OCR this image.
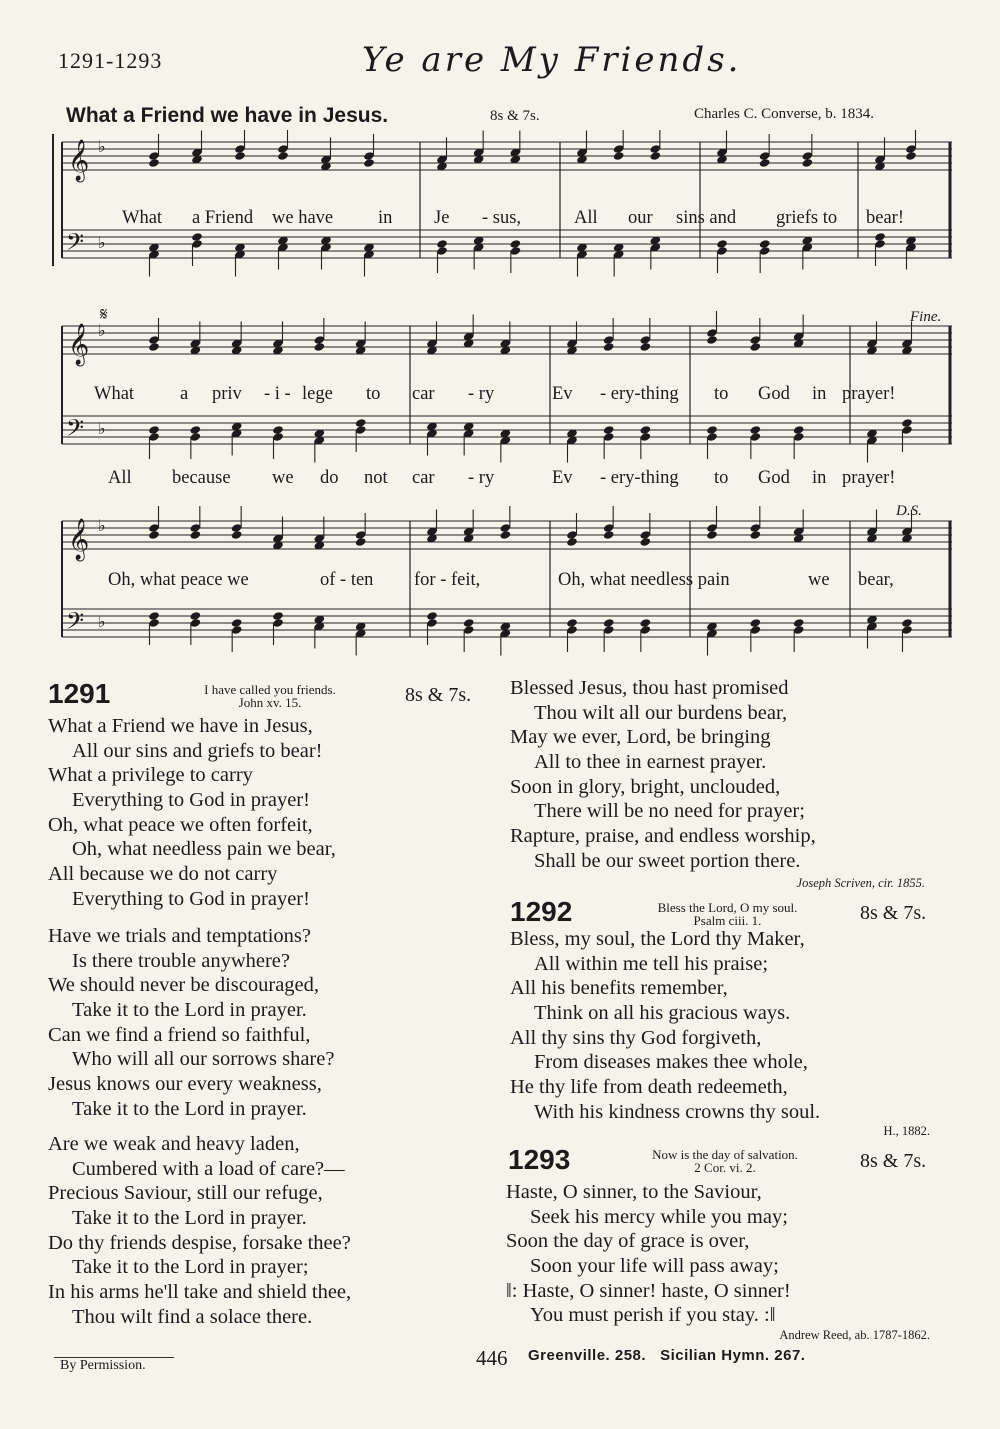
1291-1293	Ye are My Friends.
What a Friend we have in Jesus.	8s & 7s.	Charles C. Converse, b. 1834.
𝄞
𝄢
♭
♭
𝄞
𝄢
♭
♭
𝄞
𝄢
♭
♭
𝄋	Fine.
D.S.
What a Friend we have in Je - sus,	All our sins and griefs to bear!
What a priv - i - lege to car - ry	Ev - ery-thing to God in prayer!
All because we do not car - ry	Ev - ery-thing to God in prayer!
Oh, what peace we	of - ten for - feit,	Oh, what needless pain	we bear,
1291	I have called you friends.
John xv. 15.	8s & 7s.
What a Friend we have in Jesus,
All our sins and griefs to bear!
What a privilege to carry
Everything to God in prayer!
Oh, what peace we often forfeit,
Oh, what needless pain we bear,
All because we do not carry
Everything to God in prayer!
Have we trials and temptations?
Is there trouble anywhere?
We should never be discouraged,
Take it to the Lord in prayer.
Can we find a friend so faithful,
Who will all our sorrows share?
Jesus knows our every weakness,
Take it to the Lord in prayer.
Are we weak and heavy laden,
Cumbered with a load of care?—
Precious Saviour, still our refuge,
Take it to the Lord in prayer.
Do thy friends despise, forsake thee?
Take it to the Lord in prayer;
In his arms he'll take and shield thee,
Thou wilt find a solace there.
Blessed Jesus, thou hast promised
Thou wilt all our burdens bear,
May we ever, Lord, be bringing
All to thee in earnest prayer.
Soon in glory, bright, unclouded,
There will be no need for prayer;
Rapture, praise, and endless worship,
Shall be our sweet portion there.
Joseph Scriven, cir. 1855.
1292	Bless the Lord, O my soul.
Psalm ciii. 1.	8s & 7s.
Bless, my soul, the Lord thy Maker,
All within me tell his praise;
All his benefits remember,
Think on all his gracious ways.
All thy sins thy God forgiveth,
From diseases makes thee whole,
He thy life from death redeemeth,
With his kindness crowns thy soul.
H., 1882.
1293	Now is the day of salvation.
2 Cor. vi. 2.	8s & 7s.
Haste, O sinner, to the Saviour,
Seek his mercy while you may;
Soon the day of grace is over,
Soon your life will pass away;
‖: Haste, O sinner! haste, O sinner!
You must perish if you stay. :‖
Andrew Reed, ab. 1787-1862.
By Permission.	446 Greenville. 258.   Sicilian Hymn. 267.
